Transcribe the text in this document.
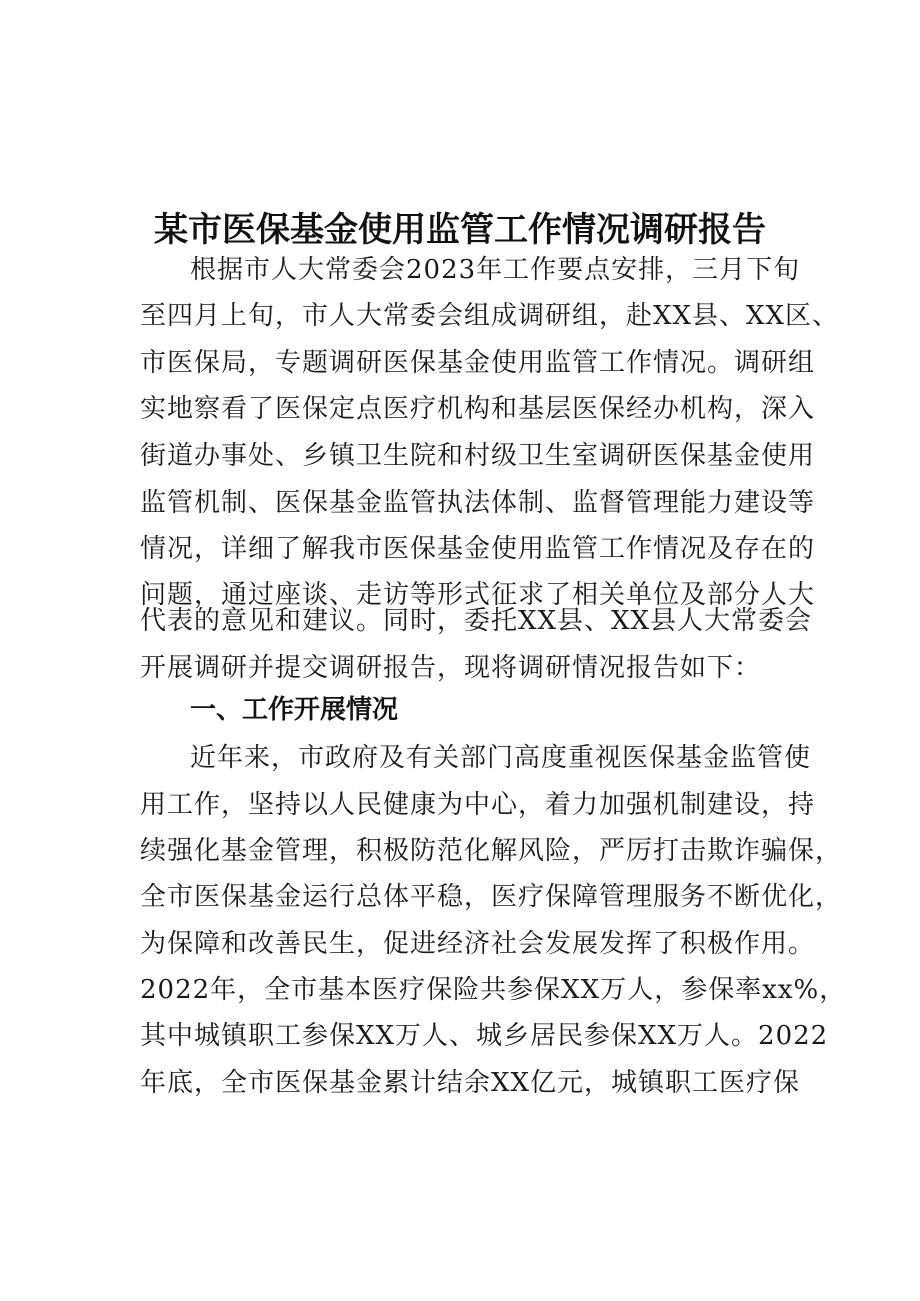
某市医保基金使用监管工作情况调研报告
根据市人大常委会2023年工作要点安排，三月下旬
至四月上旬，市人大常委会组成调研组，赴XX县、XX区、
市医保局，专题调研医保基金使用监管工作情况。调研组
实地察看了医保定点医疗机构和基层医保经办机构，深入
街道办事处、乡镇卫生院和村级卫生室调研医保基金使用
监管机制、医保基金监管执法体制、监督管理能力建设等
情况，详细了解我市医保基金使用监管工作情况及存在的
问题，通过座谈、走访等形式征求了相关单位及部分人大
代表的意见和建议。同时，委托XX县、XX县人大常委会
开展调研并提交调研报告，现将调研情况报告如下：
一、工作开展情况
近年来，市政府及有关部门高度重视医保基金监管使
用工作，坚持以人民健康为中心，着力加强机制建设，持
续强化基金管理，积极防范化解风险，严厉打击欺诈骗保，
全市医保基金运行总体平稳，医疗保障管理服务不断优化，
为保障和改善民生，促进经济社会发展发挥了积极作用。
2022年，全市基本医疗保险共参保XX万人，参保率xx%，
其中城镇职工参保XX万人、城乡居民参保XX万人。2022
年底，全市医保基金累计结余XX亿元，城镇职工医疗保
